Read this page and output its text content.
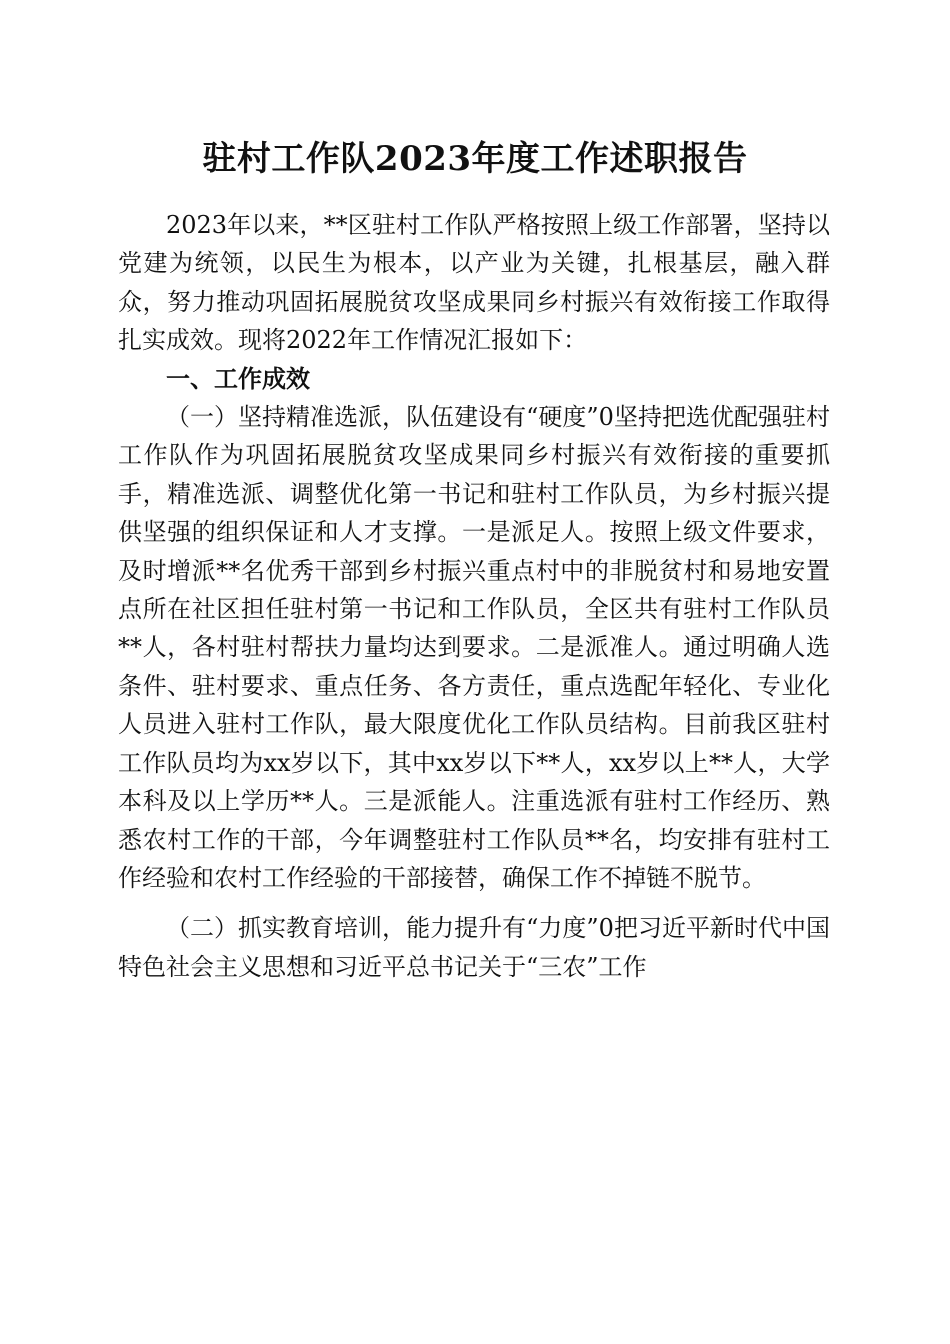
驻村工作队2023年度工作述职报告

2023年以来，**区驻村工作队严格按照上级工作部署，坚持以党建为统领，以民生为根本，以产业为关键，扎根基层，融入群众，努力推动巩固拓展脱贫攻坚成果同乡村振兴有效衔接工作取得扎实成效。现将2022年工作情况汇报如下：

一、工作成效

（一）坚持精准选派，队伍建设有“硬度”0坚持把选优配强驻村工作队作为巩固拓展脱贫攻坚成果同乡村振兴有效衔接的重要抓手，精准选派、调整优化第一书记和驻村工作队员，为乡村振兴提供坚强的组织保证和人才支撑。一是派足人。按照上级文件要求，及时增派**名优秀干部到乡村振兴重点村中的非脱贫村和易地安置点所在社区担任驻村第一书记和工作队员，全区共有驻村工作队员**人，各村驻村帮扶力量均达到要求。二是派准人。通过明确人选条件、驻村要求、重点任务、各方责任，重点选配年轻化、专业化人员进入驻村工作队，最大限度优化工作队员结构。目前我区驻村工作队员均为xx岁以下，其中xx岁以下**人，xx岁以上**人，大学本科及以上学历**人。三是派能人。注重选派有驻村工作经历、熟悉农村工作的干部，今年调整驻村工作队员**名，均安排有驻村工作经验和农村工作经验的干部接替，确保工作不掉链不脱节。

（二）抓实教育培训，能力提升有“力度”0把习近平新时代中国特色社会主义思想和习近平总书记关于“三农”工作
